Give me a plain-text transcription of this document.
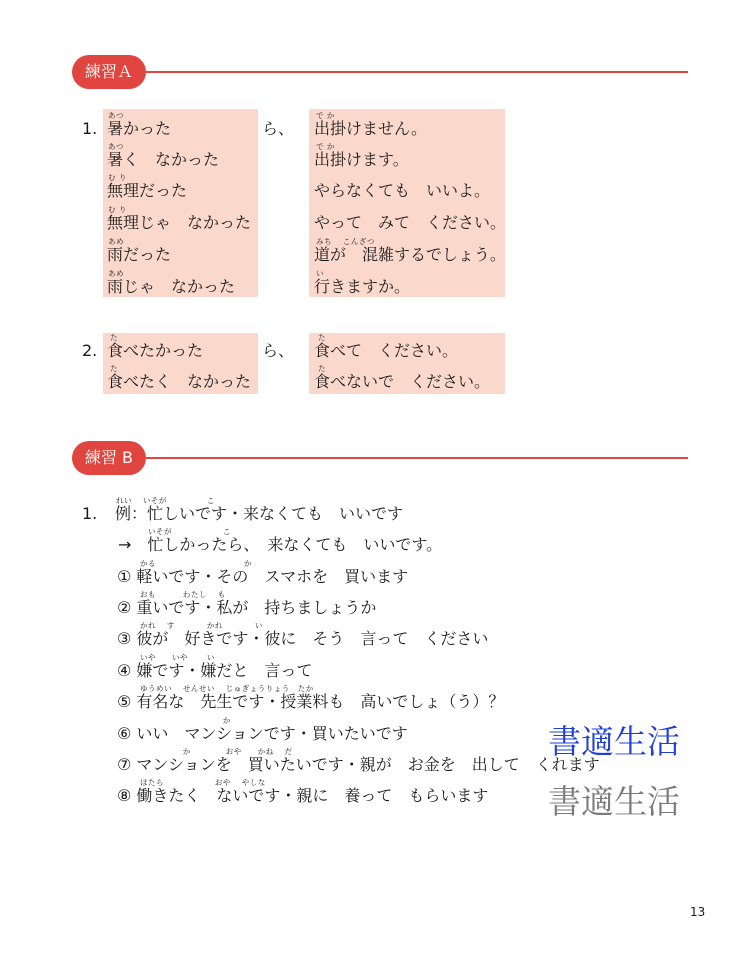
練習Ａ
1.	ら、
あつ
暑かった
あつ
暑く　なかった
む り
無理だった
む り
無理じゃ　なかった
あめ
雨だった
あめ
雨じゃ　なかった
で か
出掛けません。
で か
出掛けます。
やらなくても　いいよ。
やって　みて　ください。
みち　 こんざつ
道が　混雑するでしょう。
い
行きますか。
2.	ら、
た
食べたかった
た
食べたく　なかった
た
食べて　ください。
た
食べないで　ください。
練習 B
1.
れい　 いそが　　　　　こ
例：忙しいです・来なくても　いいです
いそが　　　　　　 こ
→　忙しかったら、　来なくても　いいです。
かる　　　　　　　　　　　か
① 軽いです・その　スマホを　買います
おも　　　 わたし　 も
② 重いです・私が　持ちましょうか
かれ　 す　　　　かれ　　　　い
③ 彼が　好きです・彼に　そう　言って　ください
いや　　いや　　 い
④ 嫌です・嫌だと　言って
ゆうめい　 せんせい　 じゅぎょうりょう　たか
⑤ 有名な　先生です・授業料も　高いでしょ（う）？
　　　　　　　　　　 か
⑥ いい　マンションです・買いたいです
　　　　　 か　　　　 おや　　かね　 だ
⑦ マンションを　買いたいです・親が　お金を　出して　くれます
はたら　　　　　　 おや　 やしな
⑧ 働きたく　ないです・親に　養って　もらいます
書適生活
書適生活
13
